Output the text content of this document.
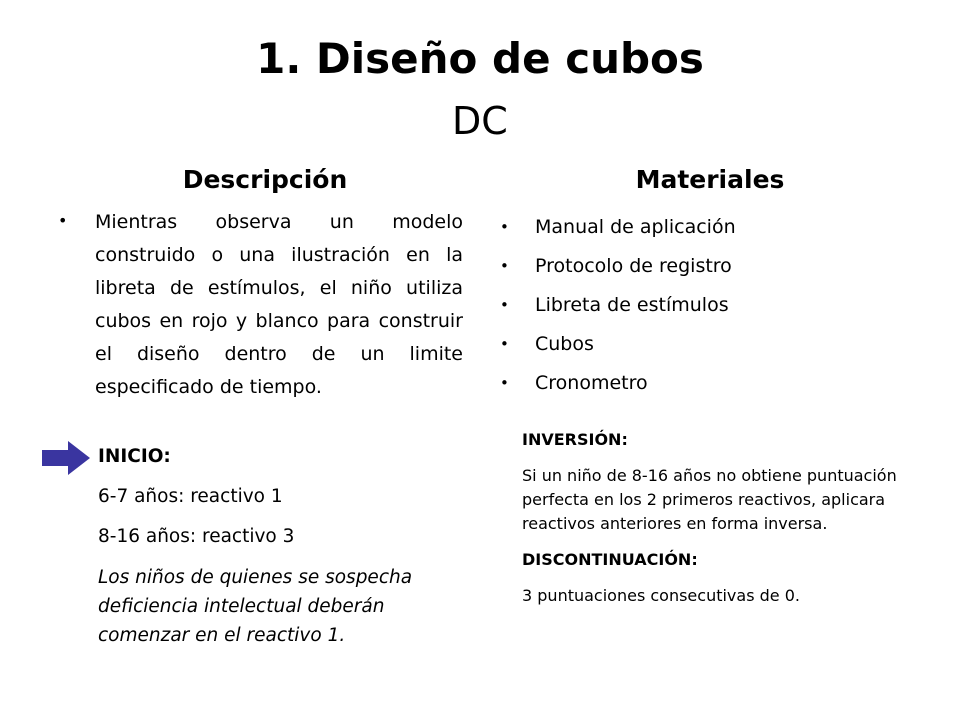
1. Diseño de cubos
DC
Descripción	Materiales
• Mientras observa un modelo construido o una ilustración en la libreta de estímulos, el niño utiliza cubos en rojo y blanco para construir el diseño dentro de un limite especificado de tiempo.
• Manual de aplicación
• Protocolo de registro
• Libreta de estímulos
• Cubos
• Cronometro
INICIO:
6-7 años: reactivo 1
8-16 años: reactivo 3
Los niños de quienes se sospecha deficiencia intelectual deberán comenzar en el reactivo 1.
INVERSIÓN:
Si un niño de 8-16 años no obtiene puntuación perfecta en los 2 primeros reactivos, aplicara reactivos anteriores en forma inversa.
DISCONTINUACIÓN:
3 puntuaciones consecutivas de 0.
